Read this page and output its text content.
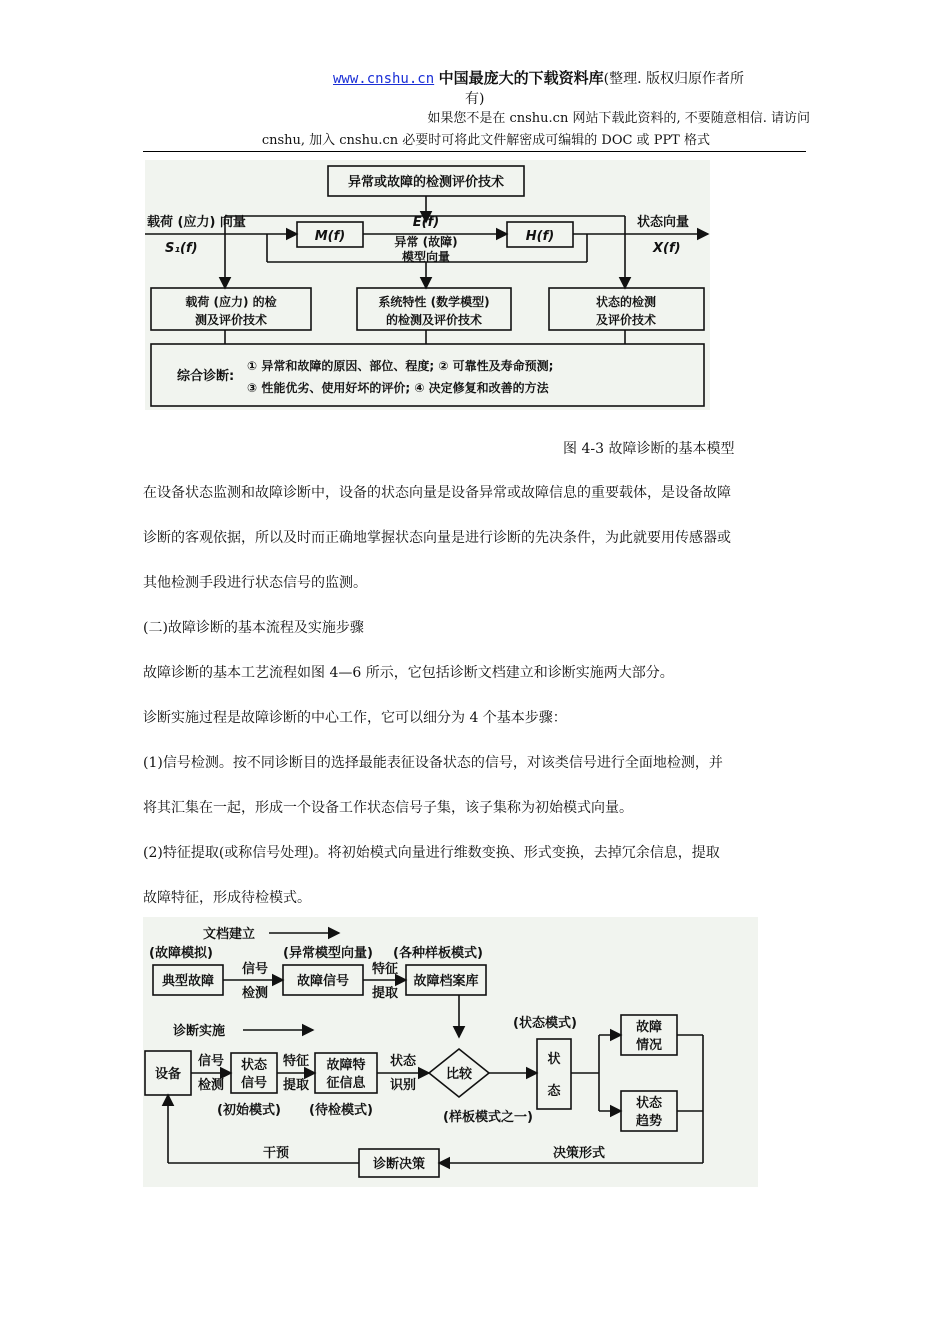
www.cnshu.cn 中国最庞大的下载资料库(整理. 版权归原作者所
有)
如果您不是在 cnshu.cn 网站下载此资料的, 不要随意相信. 请访问
cnshu, 加入 cnshu.cn 必要时可将此文件解密成可编辑的 DOC 或 PPT 格式
异常或故障的检测评价技术
载荷 (应力) 向量
S₁(f)
M(f)
E(f)
H(f)
状态向量
X(f)
异常 (故障)
模型向量
载荷 (应力) 的检
测及评价技术
系统特性 (数学模型)
的检测及评价技术
状态的检测
及评价技术
综合诊断:
① 异常和故障的原因、部位、程度; ② 可靠性及寿命预测;
③ 性能优劣、使用好坏的评价; ④ 决定修复和改善的方法
图 4-3 故障诊断的基本模型
在设备状态监测和故障诊断中，设备的状态向量是设备异常或故障信息的重要载体，是设备故障
诊断的客观依据，所以及时而正确地掌握状态向量是进行诊断的先决条件，为此就要用传感器或
其他检测手段进行状态信号的监测。
(二)故障诊断的基本流程及实施步骤
故障诊断的基本工艺流程如图 4—6 所示，它包括诊断文档建立和诊断实施两大部分。
诊断实施过程是故障诊断的中心工作，它可以细分为 4 个基本步骤：
(1)信号检测。按不同诊断目的选择最能表征设备状态的信号，对该类信号进行全面地检测，并
将其汇集在一起，形成一个设备工作状态信号子集，该子集称为初始模式向量。
(2)特征提取(或称信号处理)。将初始模式向量进行维数变换、形式变换，去掉冗余信息，提取
故障特征，形成待检模式。
文档建立
(故障模拟)	(异常模型向量) (各种样板模式)
典型故障
信号
检测
故障信号
特征
提取
故障档案库
诊断实施
(状态模式)
设备
信号
检测
状态
信号
特征
提取
故障特
征信息
状态
识别
比较
状
态
故障
情况
状态
趋势
(初始模式) (待检模式)	(样板模式之一)
干预	决策形式
诊断决策
